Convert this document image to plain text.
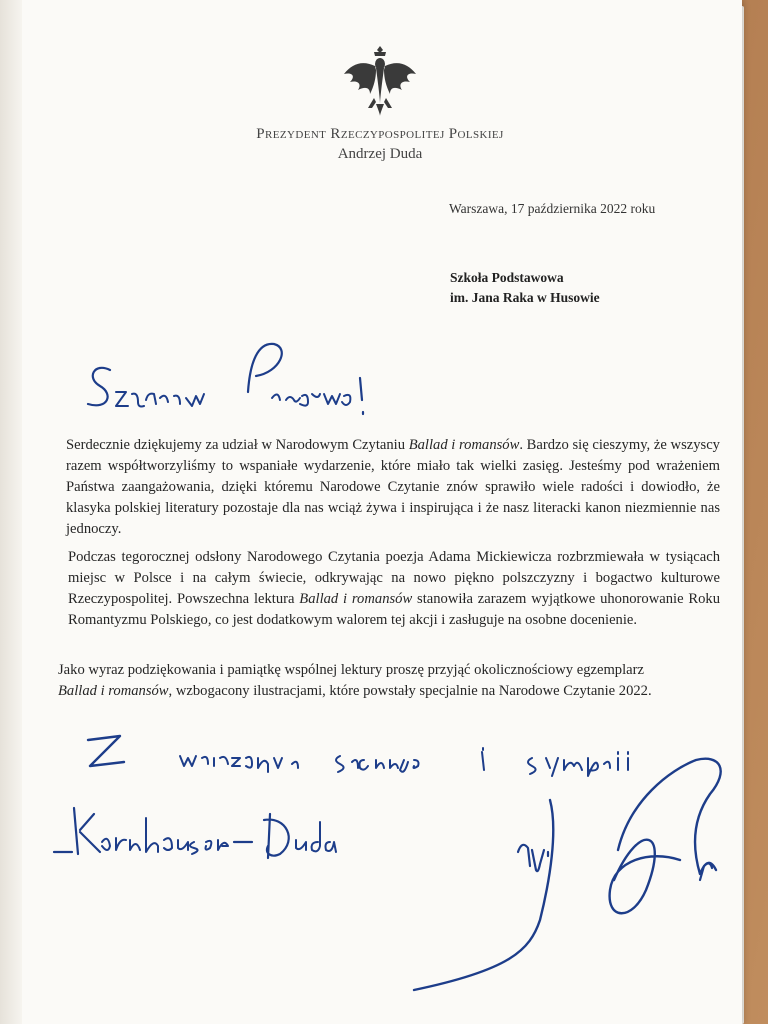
Prezydent Rzeczypospolitej Polskiej
Andrzej Duda
Warszawa, 17 października 2022 roku
Szkoła Podstawowa
im. Jana Raka w Husowie
Serdecznie dziękujemy za udział w Narodowym Czytaniu Ballad i romansów. Bardzo się cieszymy, że wszyscy razem współtworzyliśmy to wspaniałe wydarzenie, które miało tak wielki zasięg. Jesteśmy pod wrażeniem Państwa zaangażowania, dzięki któremu Narodowe Czytanie znów sprawiło wiele radości i dowiodło, że klasyka polskiej literatury pozostaje dla nas wciąż żywa i inspirująca i że nasz literacki kanon niezmiennie nas jednoczy.
Podczas tegorocznej odsłony Narodowego Czytania poezja Adama Mickiewicza rozbrzmiewała w tysiącach miejsc w Polsce i na całym świecie, odkrywając na nowo piękno polszczyzny i bogactwo kulturowe Rzeczypospolitej. Powszechna lektura Ballad i romansów stanowiła zarazem wyjątkowe uhonorowanie Roku Romantyzmu Polskiego, co jest dodatkowym walorem tej akcji i zasługuje na osobne docenienie.
Jako wyraz podziękowania i pamiątkę wspólnej lektury proszę przyjąć okolicznościowy egzemplarz
Ballad i romansów, wzbogacony ilustracjami, które powstały specjalnie na Narodowe Czytanie 2022.
